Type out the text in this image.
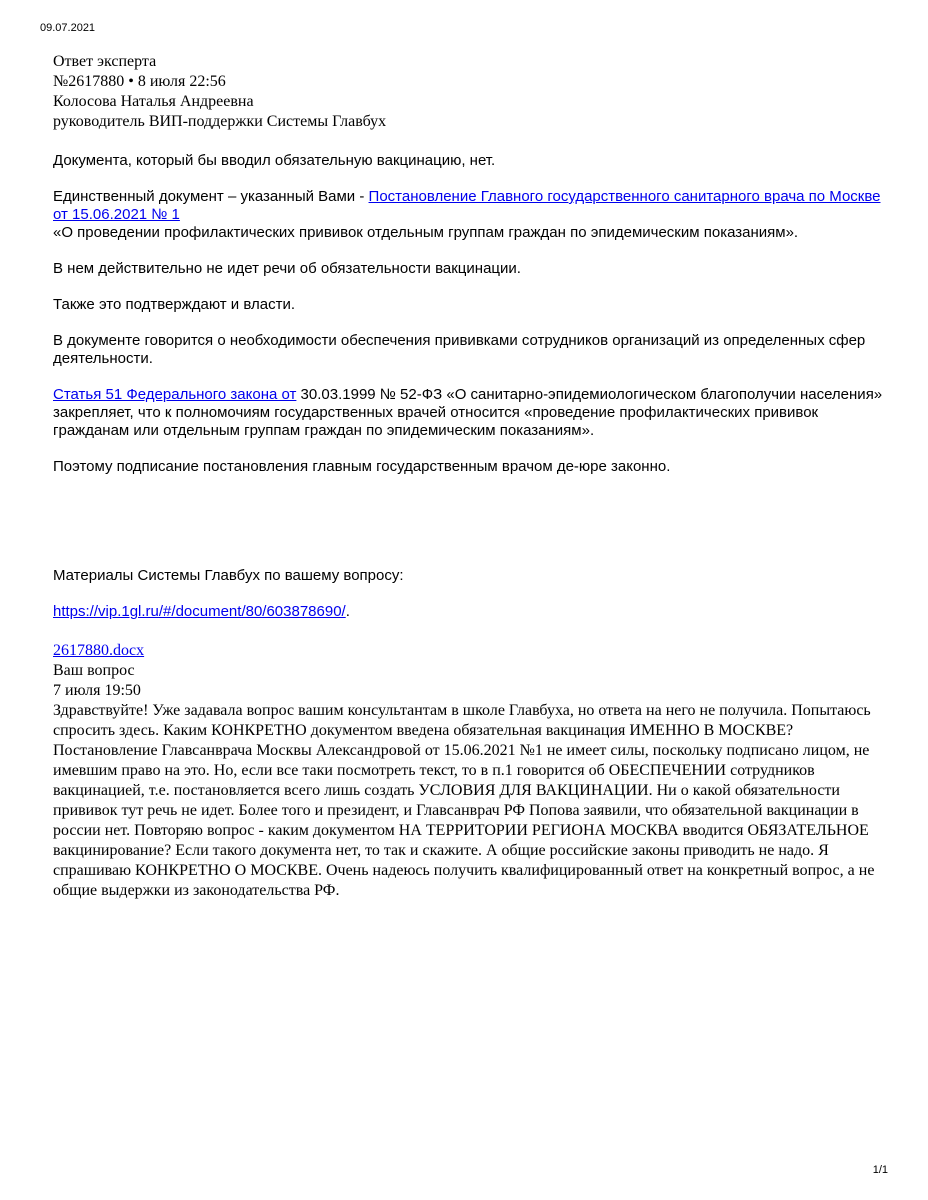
09.07.2021
Ответ эксперта
№2617880 • 8 июля 22:56
Колосова Наталья Андреевна
руководитель ВИП-поддержки Системы Главбух

Документа, который бы вводил обязательную вакцинацию, нет.

Единственный документ – указанный Вами - Постановление Главного государственного санитарного врача по Москве от 15.06.2021 № 1
«О проведении профилактических прививок отдельным группам граждан по эпидемическим показаниям».

В нем действительно не идет речи об обязательности вакцинации.

Также это подтверждают и власти.

В документе говорится о необходимости обеспечения прививками сотрудников организаций из определенных сфер деятельности.

Статья 51 Федерального закона от 30.03.1999 № 52-ФЗ «О санитарно-эпидемиологическом благополучии населения» закрепляет, что к полномочиям государственных врачей относится «проведение профилактических прививок гражданам или отдельным группам граждан по эпидемическим показаниям».

Поэтому подписание постановления главным государственным врачом де-юре законно.

Материалы Системы Главбух по вашему вопросу:

https://vip.1gl.ru/#/document/80/603878690/.

2617880.docx
Ваш вопрос
7 июля 19:50

Здравствуйте! Уже задавала вопрос вашим консультантам в школе Главбуха, но ответа на него не получила. Попытаюсь спросить здесь. Каким КОНКРЕТНО документом введена обязательная вакцинация ИМЕННО В МОСКВЕ? Постановление Главсанврача Москвы Александровой от 15.06.2021 №1 не имеет силы, поскольку подписано лицом, не имевшим право на это. Но, если все таки посмотреть текст, то в п.1 говорится об ОБЕСПЕЧЕНИИ сотрудников вакцинацией, т.е. постановляется всего лишь создать УСЛОВИЯ ДЛЯ ВАКЦИНАЦИИ. Ни о какой обязательности прививок тут речь не идет. Более того и президент, и Главсанврач РФ Попова заявили, что обязательной вакцинации в россии нет. Повторяю вопрос - каким документом НА ТЕРРИТОРИИ РЕГИОНА МОСКВА вводится ОБЯЗАТЕЛЬНОЕ вакцинирование? Если такого документа нет, то так и скажите. А общие российские законы приводить не надо. Я спрашиваю КОНКРЕТНО О МОСКВЕ. Очень надеюсь получить квалифицированный ответ на конкретный вопрос, а не общие выдержки из законодательства РФ.

1/1
